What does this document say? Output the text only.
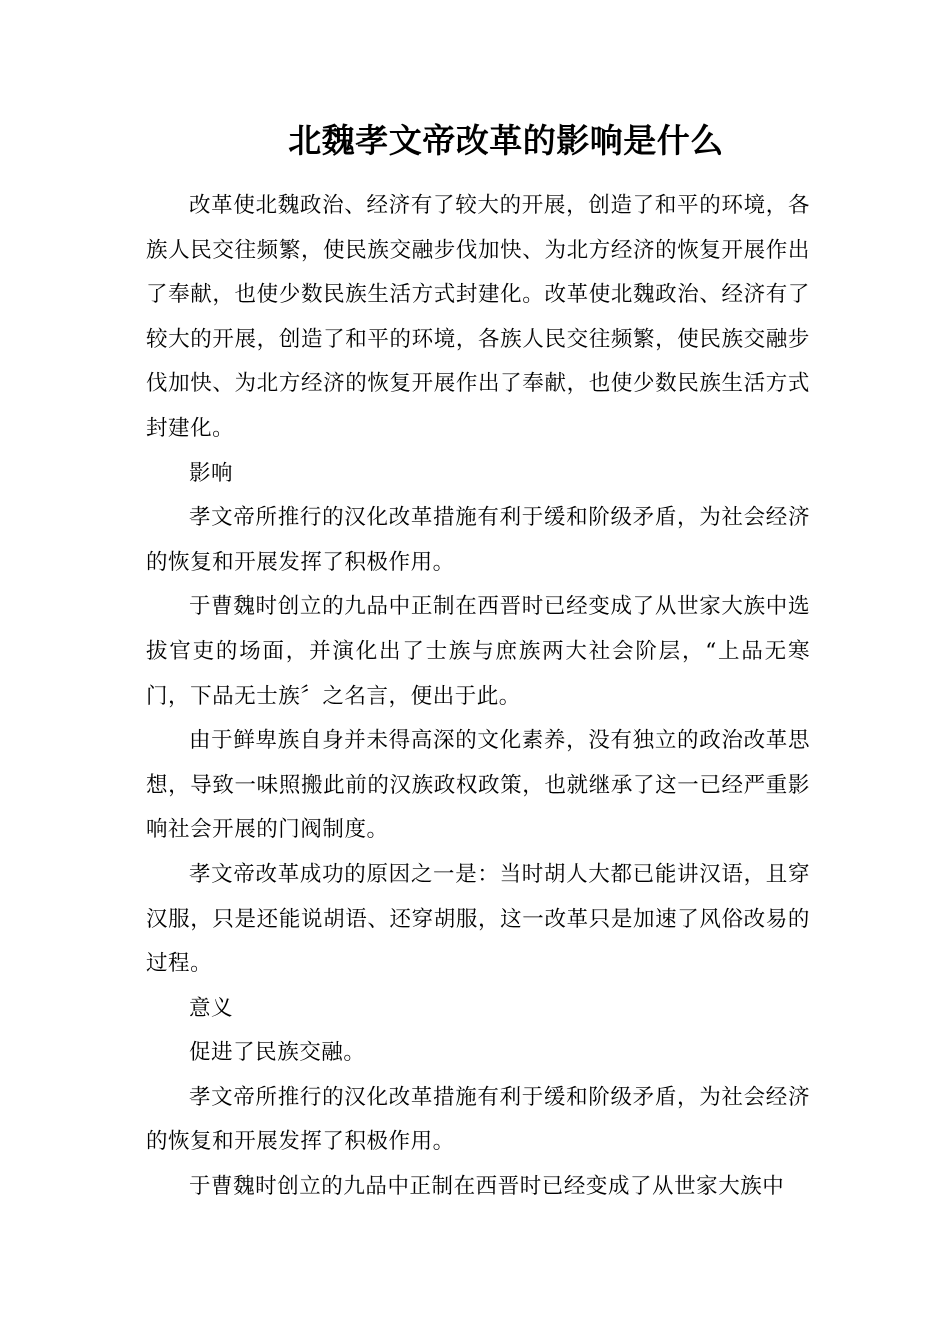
北魏孝文帝改革的影响是什么

改革使北魏政治、经济有了较大的开展，创造了和平的环境，各族人民交往频繁，使民族交融步伐加快、为北方经济的恢复开展作出了奉献，也使少数民族生活方式封建化。改革使北魏政治、经济有了较大的开展，创造了和平的环境，各族人民交往频繁，使民族交融步伐加快、为北方经济的恢复开展作出了奉献，也使少数民族生活方式封建化。

影响

孝文帝所推行的汉化改革措施有利于缓和阶级矛盾，为社会经济的恢复和开展发挥了积极作用。

于曹魏时创立的九品中正制在西晋时已经变成了从世家大族中选拔官吏的场面，并演化出了士族与庶族两大社会阶层，“上品无寒门，下品无士族〞之名言，便出于此。

由于鲜卑族自身并未得高深的文化素养，没有独立的政治改革思想，导致一味照搬此前的汉族政权政策，也就继承了这一已经严重影响社会开展的门阀制度。

孝文帝改革成功的原因之一是：当时胡人大都已能讲汉语，且穿汉服，只是还能说胡语、还穿胡服，这一改革只是加速了风俗改易的过程。

意义

促进了民族交融。

孝文帝所推行的汉化改革措施有利于缓和阶级矛盾，为社会经济的恢复和开展发挥了积极作用。

于曹魏时创立的九品中正制在西晋时已经变成了从世家大族中
